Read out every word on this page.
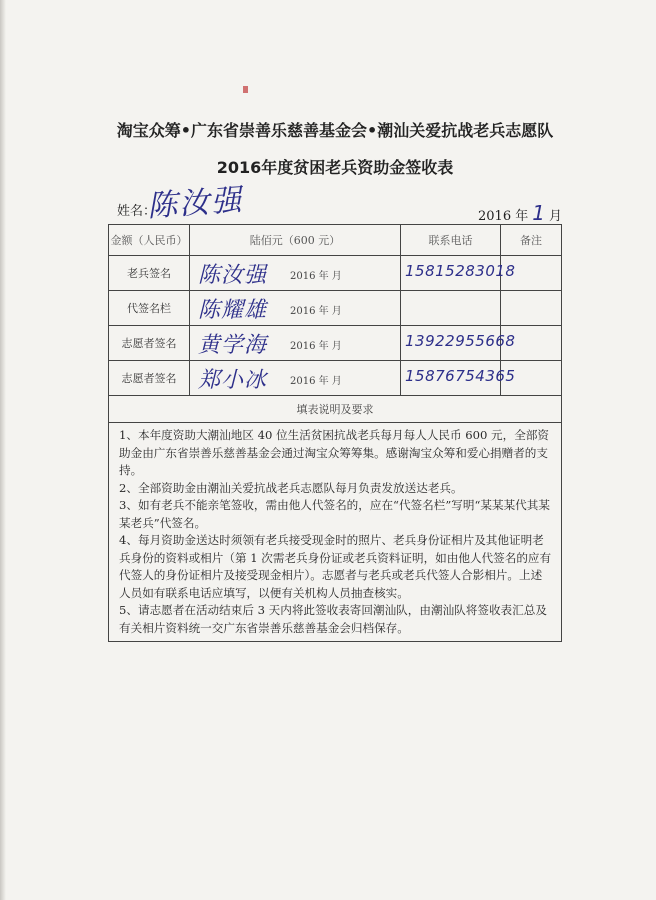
淘宝众筹•广东省崇善乐慈善基金会•潮汕关爱抗战老兵志愿队
2016年度贫困老兵资助金签收表
姓名：
陈汝强	2016 年 1 月
金额（人民币）	陆佰元（600 元）	联系电话	备注
老兵签名	陈汝强 2016 年 月	15815283018	

代签名栏	陈耀雄 2016 年 月		

志愿者签名	黄学海 2016 年 月	13922955668	

志愿者签名	郑小冰 2016 年 月	15876754365	

填表说明及要求			

1、本年度资助大潮汕地区 40 位生活贫困抗战老兵每月每人人民币 600 元，全部资助金由广东省崇善乐慈善基金会通过淘宝众筹筹集。感谢淘宝众筹和爱心捐赠者的支持。

2、全部资助金由潮汕关爱抗战老兵志愿队每月负责发放送达老兵。

3、如有老兵不能亲笔签收，需由他人代签名的，应在“代签名栏”写明“某某某代其某某老兵”代签名。

4、每月资助金送达时须领有老兵接受现金时的照片、老兵身份证相片及其他证明老兵身份的资料或相片（第 1 次需老兵身份证或老兵资料证明，如由他人代签名的应有代签人的身份证相片及接受现金相片）。志愿者与老兵或老兵代签人合影相片。上述人员如有联系电话应填写，以便有关机构人员抽查核实。

5、请志愿者在活动结束后 3 天内将此签收表寄回潮汕队，由潮汕队将签收表汇总及有关相片资料统一交广东省崇善乐慈善基金会归档保存。			
